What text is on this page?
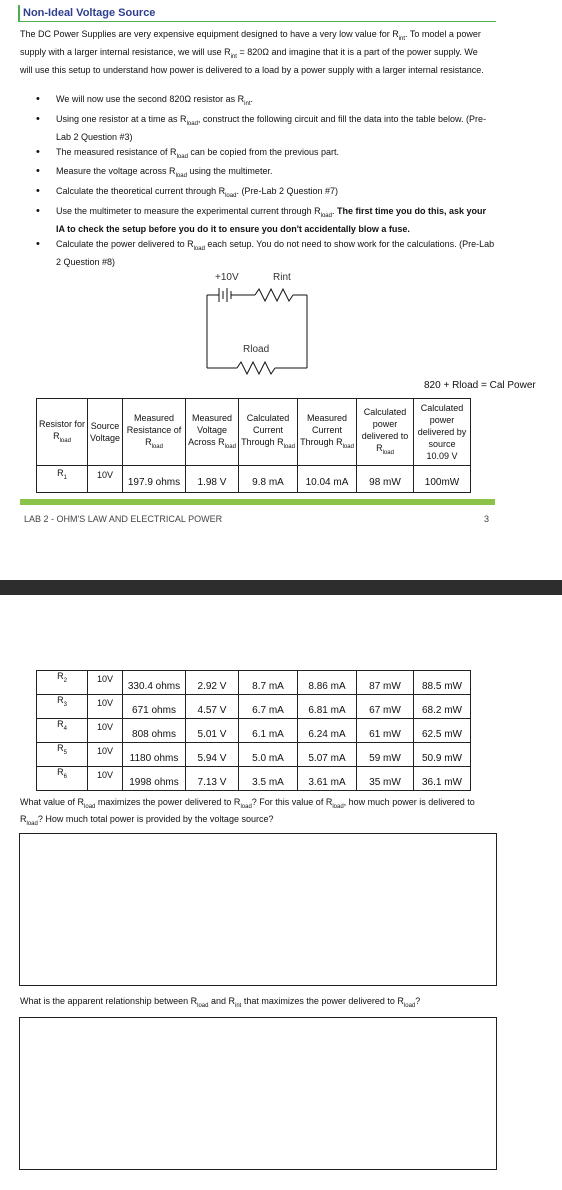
Non-Ideal Voltage Source
The DC Power Supplies are very expensive equipment designed to have a very low value for $R_{int}$. To model a power supply with a larger internal resistance, we will use $R_{int} = 820\Omega$ and imagine that it is a part of the power supply. We will use this setup to understand how power is delivered to a load by a power supply with a larger internal resistance.
• We will now use the second 820Ω resistor as $R_{int}$.
• Using one resistor at a time as $R_{load}$, construct the following circuit and fill the data into the table below. (Pre-Lab 2 Question #3)
• The measured resistance of $R_{load}$ can be copied from the previous part.
• Measure the voltage across $R_{load}$ using the multimeter.
• Calculate the theoretical current through $R_{load}$. (Pre-Lab 2 Question #7)
• Use the multimeter to measure the experimental current through $R_{load}$. The first time you do this, ask your IA to check the setup before you do it to ensure you don't accidentally blow a fuse.
• Calculate the power delivered to $R_{load}$ each setup. You do not need to show work for the calculations. (Pre-Lab 2 Question #8)
+10V	Rint
Rload
820 + Rload = Cal Power
Resistor for $R_{load}$	Source Voltage	Measured Resistance of $R_{load}$	Measured Voltage Across $R_{load}$	Calculated Current Through $R_{load}$	Measured Current Through $R_{load}$	Calculated power delivered to $R_{load}$	Calculated power delivered by source
10.09 V

$R_1$	10V	197.9 ohms	1.98 V	9.8 mA	10.04 mA	98 mW	100mW
LAB 2 - OHM'S LAW AND ELECTRICAL POWER	3
$R_2$	10V	330.4 ohms	2.92 V	8.7 mA	8.86 mA	87 mW	88.5 mW

$R_3$	10V	671 ohms	4.57 V	6.7 mA	6.81 mA	67 mW	68.2 mW

$R_4$	10V	808 ohms	5.01 V	6.1 mA	6.24 mA	61 mW	62.5 mW

$R_5$	10V	1180 ohms	5.94 V	5.0 mA	5.07 mA	59 mW	50.9 mW

$R_6$	10V	1998 ohms	7.13 V	3.5 mA	3.61 mA	35 mW	36.1 mW
What value of $R_{load}$ maximizes the power delivered to $R_{load}$? For this value of $R_{load}$, how much power is delivered to $R_{load}$? How much total power is provided by the voltage source?
What is the apparent relationship between $R_{load}$ and $R_{int}$ that maximizes the power delivered to $R_{load}$?
